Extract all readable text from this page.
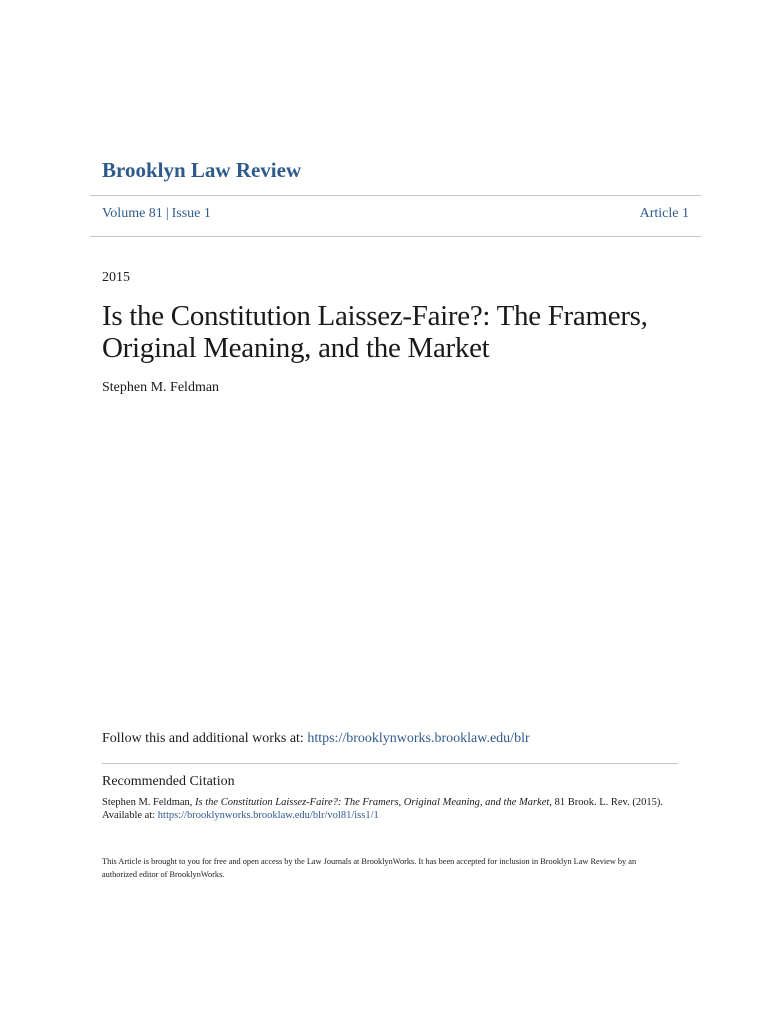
Brooklyn Law Review
Volume 81 | Issue 1	Article 1
2015
Is the Constitution Laissez-Faire?: The Framers, Original Meaning, and the Market
Stephen M. Feldman
Follow this and additional works at: https://brooklynworks.brooklaw.edu/blr
Recommended Citation
Stephen M. Feldman, Is the Constitution Laissez-Faire?: The Framers, Original Meaning, and the Market, 81 Brook. L. Rev. (2015).
Available at: https://brooklynworks.brooklaw.edu/blr/vol81/iss1/1
This Article is brought to you for free and open access by the Law Journals at BrooklynWorks. It has been accepted for inclusion in Brooklyn Law Review by an authorized editor of BrooklynWorks.
